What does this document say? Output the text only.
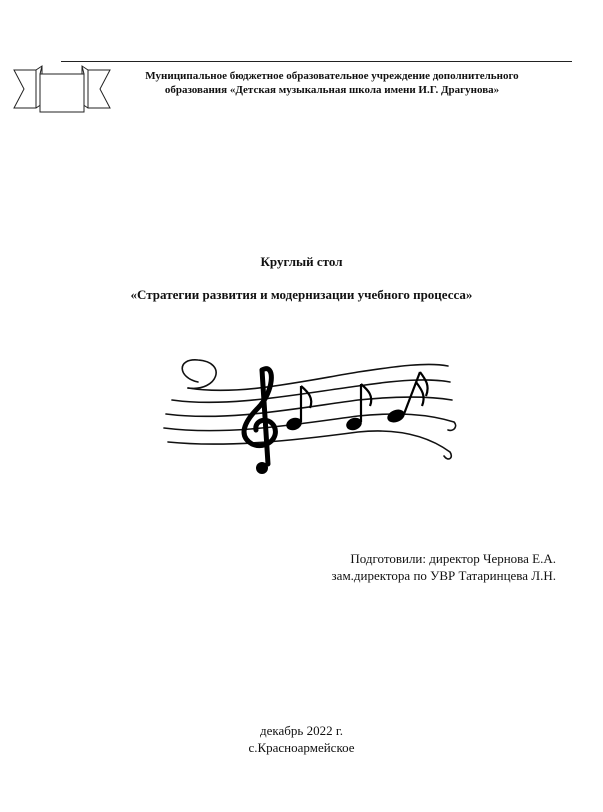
Муниципальное бюджетное образовательное учреждение дополнительного
образования «Детская музыкальная школа имени И.Г. Драгунова»
Круглый стол
«Стратегии развития и модернизации учебного процесса»
Подготовили: директор Чернова Е.А.
зам.директора по УВР Татаринцева Л.Н.
декабрь 2022 г.
с.Красноармейское
